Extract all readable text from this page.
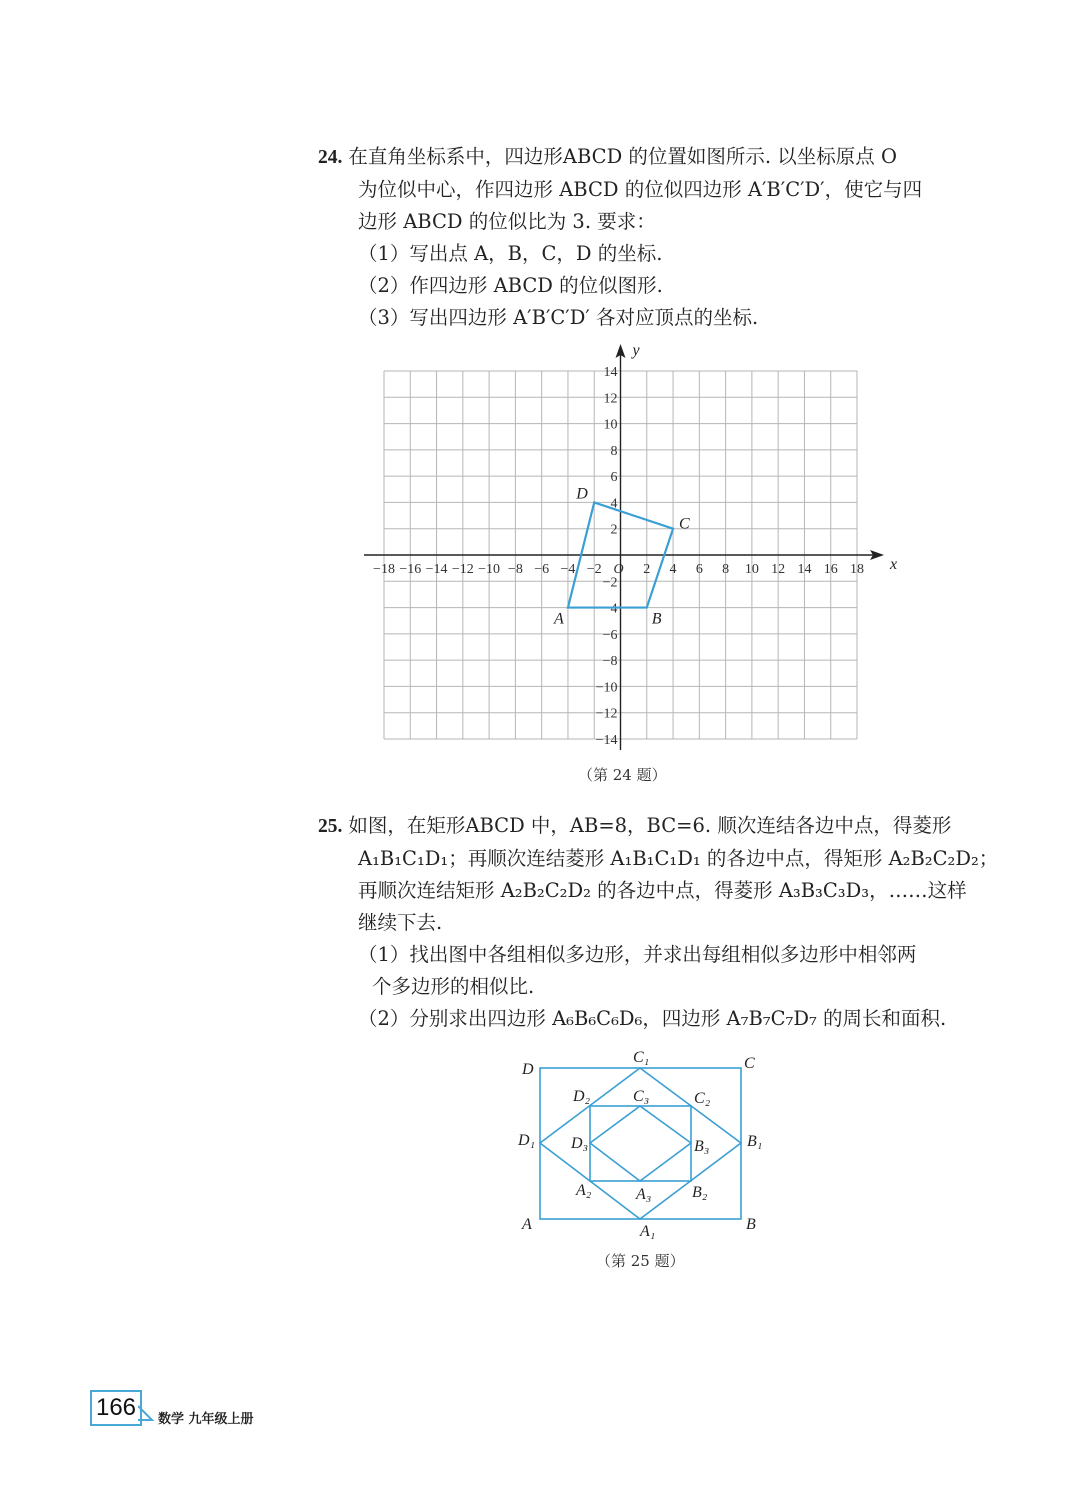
24. 在直角坐标系中，四边形ABCD 的位置如图所示. 以坐标原点 O
为位似中心，作四边形 ABCD 的位似四边形 A′B′C′D′，使它与四
边形 ABCD 的位似比为 3. 要求：
（1）写出点 A，B，C，D 的坐标.
（2）作四边形 ABCD 的位似图形.
（3）写出四边形 A′B′C′D′ 各对应顶点的坐标.
x
y
−18 −16 −14 −12 −10 −8 −6 −4 −2	2 4 6 8 10 12 14 16 18
O
14
12
10
8
6
4
2
−2
−4
−6
−8
−10
−12
−14
A	B
C
D
（第 24 题）
25. 如图，在矩形ABCD 中，AB=8，BC=6. 顺次连结各边中点，得菱形
A₁B₁C₁D₁；再顺次连结菱形 A₁B₁C₁D₁ 的各边中点，得矩形 A₂B₂C₂D₂；
再顺次连结矩形 A₂B₂C₂D₂ 的各边中点，得菱形 A₃B₃C₃D₃，……这样
继续下去.
（1）找出图中各组相似多边形，并求出每组相似多边形中相邻两
个多边形的相似比.
（2）分别求出四边形 A₆B₆C₆D₆，四边形 A₇B₇C₇D₇ 的周长和面积.
D	C
A	B
C₁
D₁	B₁
A₁
D₂	C₂
A₂	B₂
C₃
D₃	B₃
A₃
（第 25 题）
166	数学 九年级上册
